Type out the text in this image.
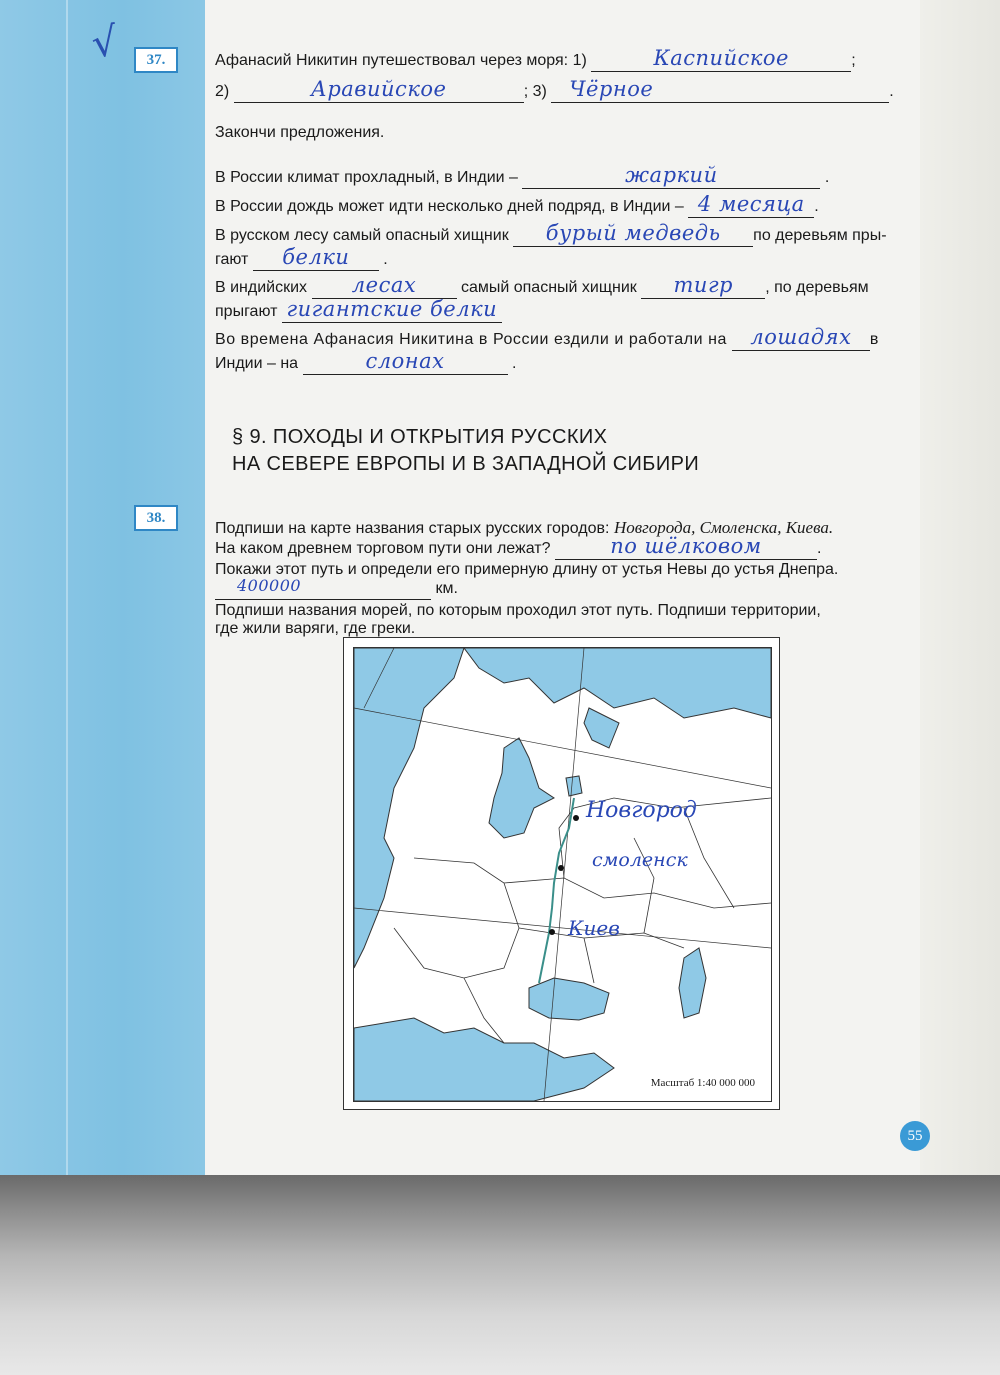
√	37.	Афанасий Никитин путешествовал через моря: 1)	Каспийское	;
2)	Аравийское	; 3) Чёрное	.
Закончи предложения.
В России климат прохладный, в Индии –	жаркий	.
В России дождь может идти несколько дней подряд, в Индии – 4 месяца .
В русском лесу самый опасный хищник	бурый медведь	по деревьям пры-
гают	белки	.
В индийских	лесах	самый опасный хищник	тигр	, по деревьям
прыгают гигантские белки
Во времена Афанасия Никитина в России ездили и работали на	лошадях	в
Индии – на	слонах	.
§ 9. ПОХОДЫ И ОТКРЫТИЯ РУССКИХ
НА СЕВЕРЕ ЕВРОПЫ И В ЗАПАДНОЙ СИБИРИ
38.
Подпиши на карте названия старых русских городов: Новгорода, Смоленска, Киева.
На каком древнем торговом пути они лежат?	по шёлковом	.
Покажи этот путь и определи его примерную длину от устья Невы до устья Днепра.
400000	км.
Подпиши названия морей, по которым проходил этот путь. Подпиши территории,
где жили варяги, где греки.
Новгород
смоленск
Киев
Масштаб 1:40 000 000
55
